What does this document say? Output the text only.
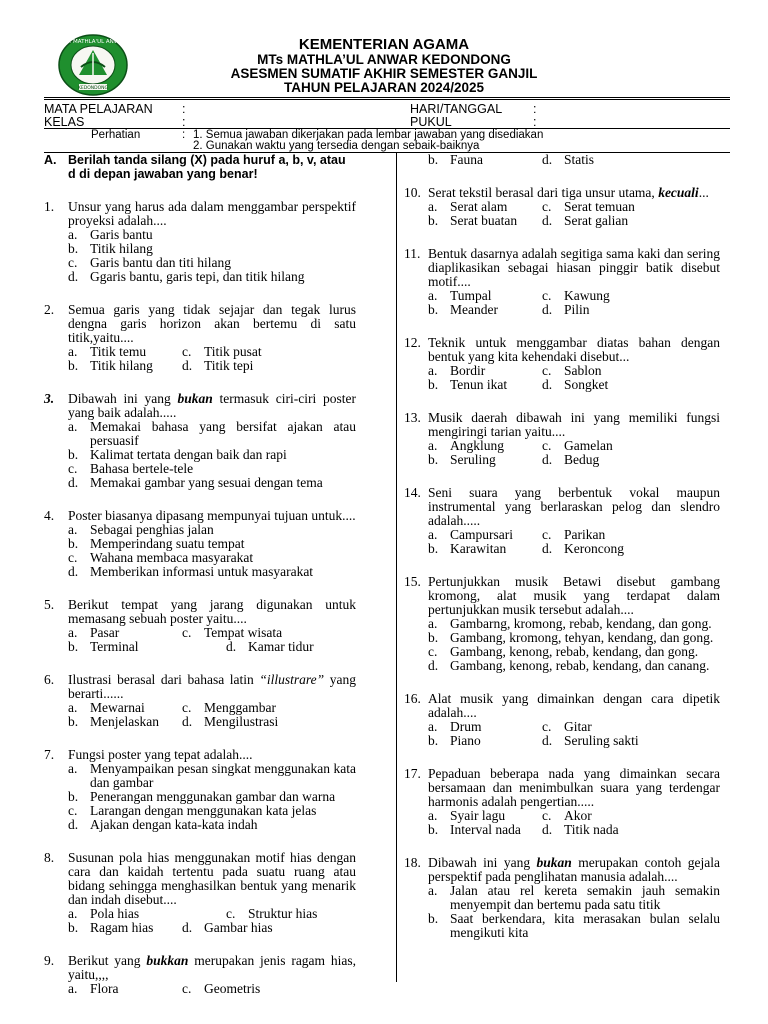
MTs. MATHLA'UL ANWAR
KEDONDONG
KEMENTERIAN AGAMA
MTs MATHLA’UL ANWAR KEDONDONG
ASESMEN SUMATIF AKHIR SEMESTER GANJIL
TAHUN PELAJARAN 2024/2025
MATA PELAJARAN :	HARI/TANGGAL :
KELAS	:	PUKUL	:
Perhatian	: 1. Semua jawaban dikerjakan pada lembar jawaban yang disediakan
2. Gunakan waktu yang tersedia dengan sebaik-baiknya
A. Berilah tanda silang (X) pada huruf a, b, v, atau d di depan jawaban yang benar!
1.	Unsur yang harus ada dalam menggambar perspektif proyeksi adalah....
a. Garis bantu
b. Titik hilang
c. Garis bantu dan titi hilang
d. Ggaris bantu, garis tepi, dan titik hilang
2.	Semua garis yang tidak sejajar dan tegak lurus dengna garis horizon akan bertemu di satu titik,yaitu....
a. Titik temu	c. Titik pusat
b. Titik hilang	d. Titik tepi
3.	Dibawah ini yang bukan termasuk ciri-ciri poster yang baik adalah.....
a. Memakai bahasa yang bersifat ajakan atau persuasif
b. Kalimat tertata dengan baik dan rapi
c. Bahasa bertele-tele
d. Memakai gambar yang sesuai dengan tema
4.	Poster biasanya dipasang mempunyai tujuan untuk....
a. Sebagai penghias jalan
b. Memperindang suatu tempat
c. Wahana membaca masyarakat
d. Memberikan informasi untuk masyarakat
5.	Berikut tempat yang jarang digunakan untuk memasang sebuah poster yaitu....
a. Pasar	c. Tempat wisata
b. Terminal	d. Kamar tidur
6.	Ilustrasi berasal dari bahasa latin “illustrare” yang berarti......
a. Mewarnai	c. Menggambar
b. Menjelaskan	d. Mengilustrasi
7.	Fungsi poster yang tepat adalah....
a. Menyampaikan pesan singkat menggunakan kata dan gambar
b. Penerangan menggunakan gambar dan warna
c. Larangan dengan menggunakan kata jelas
d. Ajakan dengan kata-kata indah
8.	Susunan pola hias menggunakan motif hias dengan cara dan kaidah tertentu pada suatu ruang atau bidang sehingga menghasilkan bentuk yang menarik dan indah disebut....
a. Pola hias	c. Struktur hias
b. Ragam hias	d. Gambar hias
9.	Berikut yang bukkan merupakan jenis ragam hias, yaitu,,,,
a. Flora	c. Geometris
b. Fauna	d. Statis
10. Serat tekstil berasal dari tiga unsur utama, kecuali...
a. Serat alam	c. Serat temuan
b. Serat buatan	d. Serat galian
11. Bentuk dasarnya adalah segitiga sama kaki dan sering diaplikasikan sebagai hiasan pinggir batik disebut motif....
a. Tumpal	c. Kawung
b. Meander	d. Pilin
12. Teknik untuk menggambar diatas bahan dengan bentuk yang kita kehendaki disebut...
a. Bordir	c. Sablon
b. Tenun ikat	d. Songket
13. Musik daerah dibawah ini yang memiliki fungsi mengiringi tarian yaitu....
a. Angklung	c. Gamelan
b. Seruling	d. Bedug
14. Seni suara yang berbentuk vokal maupun instrumental yang berlaraskan pelog dan slendro adalah.....
a. Campursari	c. Parikan
b. Karawitan	d. Keroncong
15. Pertunjukkan musik Betawi disebut gambang kromong, alat musik yang terdapat dalam pertunjukkan musik tersebut adalah....
a. Gambarng, kromong, rebab, kendang, dan gong.
b. Gambang, kromong, tehyan, kendang, dan gong.
c. Gambang, kenong, rebab, kendang, dan gong.
d. Gambang, kenong, rebab, kendang, dan canang.
16. Alat musik yang dimainkan dengan cara dipetik adalah....
a. Drum	c. Gitar
b. Piano	d. Seruling sakti
17. Pepaduan beberapa nada yang dimainkan secara bersamaan dan menimbulkan suara yang terdengar harmonis adalah pengertian.....
a. Syair lagu	c. Akor
b. Interval nada	d. Titik nada
18. Dibawah ini yang bukan merupakan contoh gejala perspektif pada penglihatan manusia adalah....
a. Jalan atau rel kereta semakin jauh semakin menyempit dan bertemu pada satu titik
b. Saat berkendara, kita merasakan bulan selalu mengikuti kita
